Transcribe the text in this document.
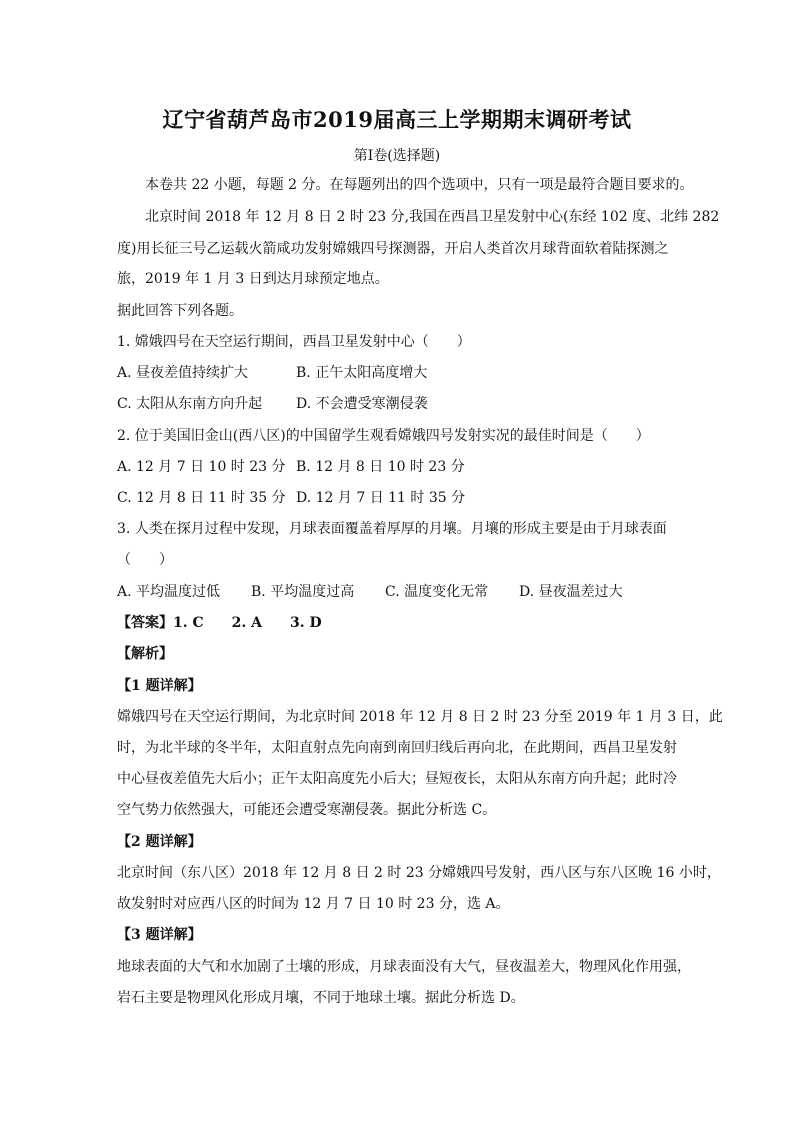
辽宁省葫芦岛市2019届高三上学期期末调研考试
第I卷(选择题)
本卷共 22 小题，每题 2 分。在每题列出的四个选项中，只有一项是最符合题目要求的。
北京时间 2018 年 12 月 8 日 2 时 23 分,我国在西昌卫星发射中心(东经 102 度、北纬 282
度)用长征三号乙运载火箭咸功发射嫦娥四号探测器，开启人类首次月球背面软着陆探测之
旅，2019 年 1 月 3 日到达月球预定地点。
据此回答下列各题。
1. 嫦娥四号在天空运行期间，西昌卫星发射中心（　　）
A. 昼夜差值持续扩大	B. 正午太阳高度增大
C. 太阳从东南方向升起 D. 不会遭受寒潮侵袭
2. 位于美国旧金山(西八区)的中国留学生观看嫦娥四号发射实况的最佳时间是（　　）
A. 12 月 7 日 10 时 23 分 B. 12 月 8 日 10 时 23 分
C. 12 月 8 日 11 时 35 分 D. 12 月 7 日 11 时 35 分
3. 人类在探月过程中发现，月球表面覆盖着厚厚的月壤。月壤的形成主要是由于月球表面
（　　）
A. 平均温度过低 B. 平均温度过高 C. 温度变化无常 D. 昼夜温差过大
【答案】1. C　　2. A　　3. D
【解析】
【1 题详解】
嫦娥四号在天空运行期间，为北京时间 2018 年 12 月 8 日 2 时 23 分至 2019 年 1 月 3 日，此
时，为北半球的冬半年，太阳直射点先向南到南回归线后再向北，在此期间，西昌卫星发射
中心昼夜差值先大后小；正午太阳高度先小后大；昼短夜长，太阳从东南方向升起；此时冷
空气势力依然强大，可能还会遭受寒潮侵袭。据此分析选 C。
【2 题详解】
北京时间（东八区）2018 年 12 月 8 日 2 时 23 分嫦娥四号发射，西八区与东八区晚 16 小时，
故发射时对应西八区的时间为 12 月 7 日 10 时 23 分，选 A。
【3 题详解】
地球表面的大气和水加剧了土壤的形成，月球表面没有大气，昼夜温差大，物理风化作用强，
岩石主要是物理风化形成月壤，不同于地球土壤。据此分析选 D。
